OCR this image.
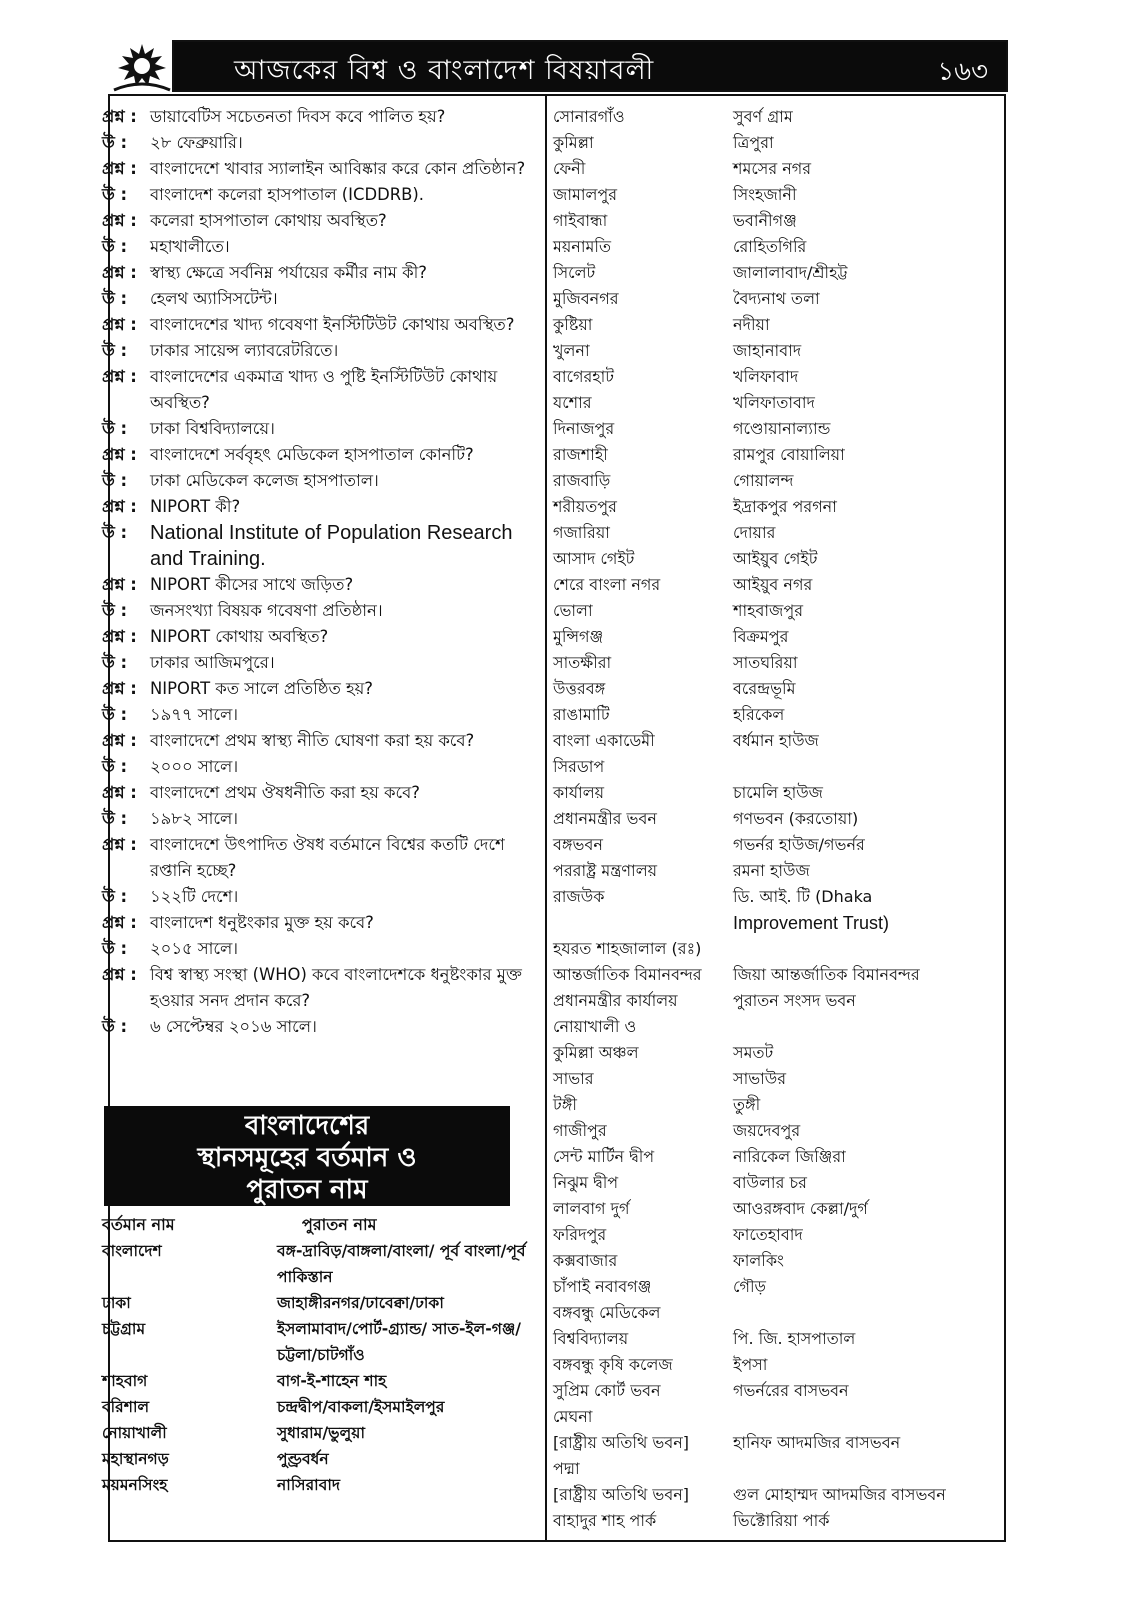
আজকের বিশ্ব ও বাংলাদেশ বিষয়াবলী	১৬৩
প্রশ্ন : ডায়াবেটিস সচেতনতা দিবস কবে পালিত হয়?
উ :	২৮ ফেব্রুয়ারি।
প্রশ্ন : বাংলাদেশে খাবার স্যালাইন আবিষ্কার করে কোন প্রতিষ্ঠান?
উ :	বাংলাদেশ কলেরা হাসপাতাল (ICDDRB).
প্রশ্ন : কলেরা হাসপাতাল কোথায় অবস্থিত?
উ :	মহাখালীতে।
প্রশ্ন : স্বাস্থ্য ক্ষেত্রে সর্বনিম্ন পর্যায়ের কর্মীর নাম কী?
উ :	হেলথ অ্যাসিসটেন্ট।
প্রশ্ন : বাংলাদেশের খাদ্য গবেষণা ইনস্টিটিউট কোথায় অবস্থিত?
উ :	ঢাকার সায়েন্স ল্যাবরেটরিতে।
প্রশ্ন : বাংলাদেশের একমাত্র খাদ্য ও পুষ্টি ইনস্টিটিউট কোথায় অবস্থিত?
উ :	ঢাকা বিশ্ববিদ্যালয়ে।
প্রশ্ন : বাংলাদেশে সর্ববৃহৎ মেডিকেল হাসপাতাল কোনটি?
উ :	ঢাকা মেডিকেল কলেজ হাসপাতাল।
প্রশ্ন : NIPORT কী?
উ :	National Institute of Population Research and Training.
প্রশ্ন : NIPORT কীসের সাথে জড়িত?
উ :	জনসংখ্যা বিষয়ক গবেষণা প্রতিষ্ঠান।
প্রশ্ন : NIPORT কোথায় অবস্থিত?
উ :	ঢাকার আজিমপুরে।
প্রশ্ন : NIPORT কত সালে প্রতিষ্ঠিত হয়?
উ :	১৯৭৭ সালে।
প্রশ্ন : বাংলাদেশে প্রথম স্বাস্থ্য নীতি ঘোষণা করা হয় কবে?
উ :	২০০০ সালে।
প্রশ্ন : বাংলাদেশে প্রথম ঔষধনীতি করা হয় কবে?
উ :	১৯৮২ সালে।
প্রশ্ন : বাংলাদেশে উৎপাদিত ঔষধ বর্তমানে বিশ্বের কতটি দেশে রপ্তানি হচ্ছে?
উ :	১২২টি দেশে।
প্রশ্ন : বাংলাদেশ ধনুষ্টংকার মুক্ত হয় কবে?
উ :	২০১৫ সালে।
প্রশ্ন : বিশ্ব স্বাস্থ্য সংস্থা (WHO) কবে বাংলাদেশকে ধনুষ্টংকার মুক্ত হওয়ার সনদ প্রদান করে?
উ :	৬ সেপ্টেম্বর ২০১৬ সালে।
বাংলাদেশের
স্থানসমূহের বর্তমান ও
পুরাতন নাম
বর্তমান নাম	পুরাতন নাম
বাংলাদেশ	বঙ্গ-দ্রাবিড়/বাঙ্গলা/বাংলা/ পূর্ব বাংলা/পূর্ব পাকিস্তান
ঢাকা	জাহাঙ্গীরনগর/ঢাবেক্বা/ঢাকা
চট্টগ্রাম	ইসলামাবাদ/পোর্ট-গ্র্যান্ড/ সাত-ইল-গঞ্জ/চট্টলা/চাটগাঁও
শাহবাগ	বাগ-ই-শাহেন শাহ
বরিশাল	চন্দ্রদ্বীপ/বাকলা/ইসমাইলপুর
নোয়াখালী	সুধারাম/ভুলুয়া
মহাস্থানগড়	পুণ্ড্রবর্ধন
ময়মনসিংহ	নাসিরাবাদ
সোনারগাঁও	সুবর্ণ গ্রাম
কুমিল্লা	ত্রিপুরা
ফেনী	শমসের নগর
জামালপুর	সিংহজানী
গাইবান্ধা	ভবানীগঞ্জ
ময়নামতি	রোহিতগিরি
সিলেট	জালালাবাদ/শ্রীহট্ট
মুজিবনগর	বৈদ্যনাথ তলা
কুষ্টিয়া	নদীয়া
খুলনা	জাহানাবাদ
বাগেরহাট	খলিফাবাদ
যশোর	খলিফাতাবাদ
দিনাজপুর	গণ্ডোয়ানাল্যান্ড
রাজশাহী	রামপুর বোয়ালিয়া
রাজবাড়ি	গোয়ালন্দ
শরীয়তপুর	ইদ্রাকপুর পরগনা
গজারিয়া	দোয়ার
আসাদ গেইট	আইয়ুব গেইট
শেরে বাংলা নগর	আইয়ুব নগর
ভোলা	শাহবাজপুর
মুন্সিগঞ্জ	বিক্রমপুর
সাতক্ষীরা	সাতঘরিয়া
উত্তরবঙ্গ	বরেন্দ্রভূমি
রাঙামাটি	হরিকেল
বাংলা একাডেমী	বর্ধমান হাউজ
সিরডাপ
কার্যালয়	চামেলি হাউজ
প্রধানমন্ত্রীর ভবন	গণভবন (করতোয়া)
বঙ্গভবন	গভর্নর হাউজ/গভর্নর
পররাষ্ট্র মন্ত্রণালয়	রমনা হাউজ
রাজউক	ডি. আই. টি (Dhaka
Improvement Trust)
হযরত শাহজালাল (রঃ)
আন্তর্জাতিক বিমানবন্দর	জিয়া আন্তর্জাতিক বিমানবন্দর
প্রধানমন্ত্রীর কার্যালয়	পুরাতন সংসদ ভবন
নোয়াখালী ও
কুমিল্লা অঞ্চল	সমতট
সাভার	সাভাউর
টঙ্গী	তুঙ্গী
গাজীপুর	জয়দেবপুর
সেন্ট মার্টিন দ্বীপ	নারিকেল জিঞ্জিরা
নিঝুম দ্বীপ	বাউলার চর
লালবাগ দুর্গ	আওরঙ্গবাদ কেল্লা/দুর্গ
ফরিদপুর	ফাতেহাবাদ
কক্সবাজার	ফালকিং
চাঁপাই নবাবগঞ্জ	গৌড়
বঙ্গবন্ধু মেডিকেল
বিশ্ববিদ্যালয়	পি. জি. হাসপাতাল
বঙ্গবন্ধু কৃষি কলেজ	ইপসা
সুপ্রিম কোর্ট ভবন	গভর্নরের বাসভবন
মেঘনা
[রাষ্ট্রীয় অতিথি ভবন]	হানিফ আদমজির বাসভবন
পদ্মা
[রাষ্ট্রীয় অতিথি ভবন]	গুল মোহাম্মদ আদমজির বাসভবন
বাহাদুর শাহ পার্ক	ভিক্টোরিয়া পার্ক
